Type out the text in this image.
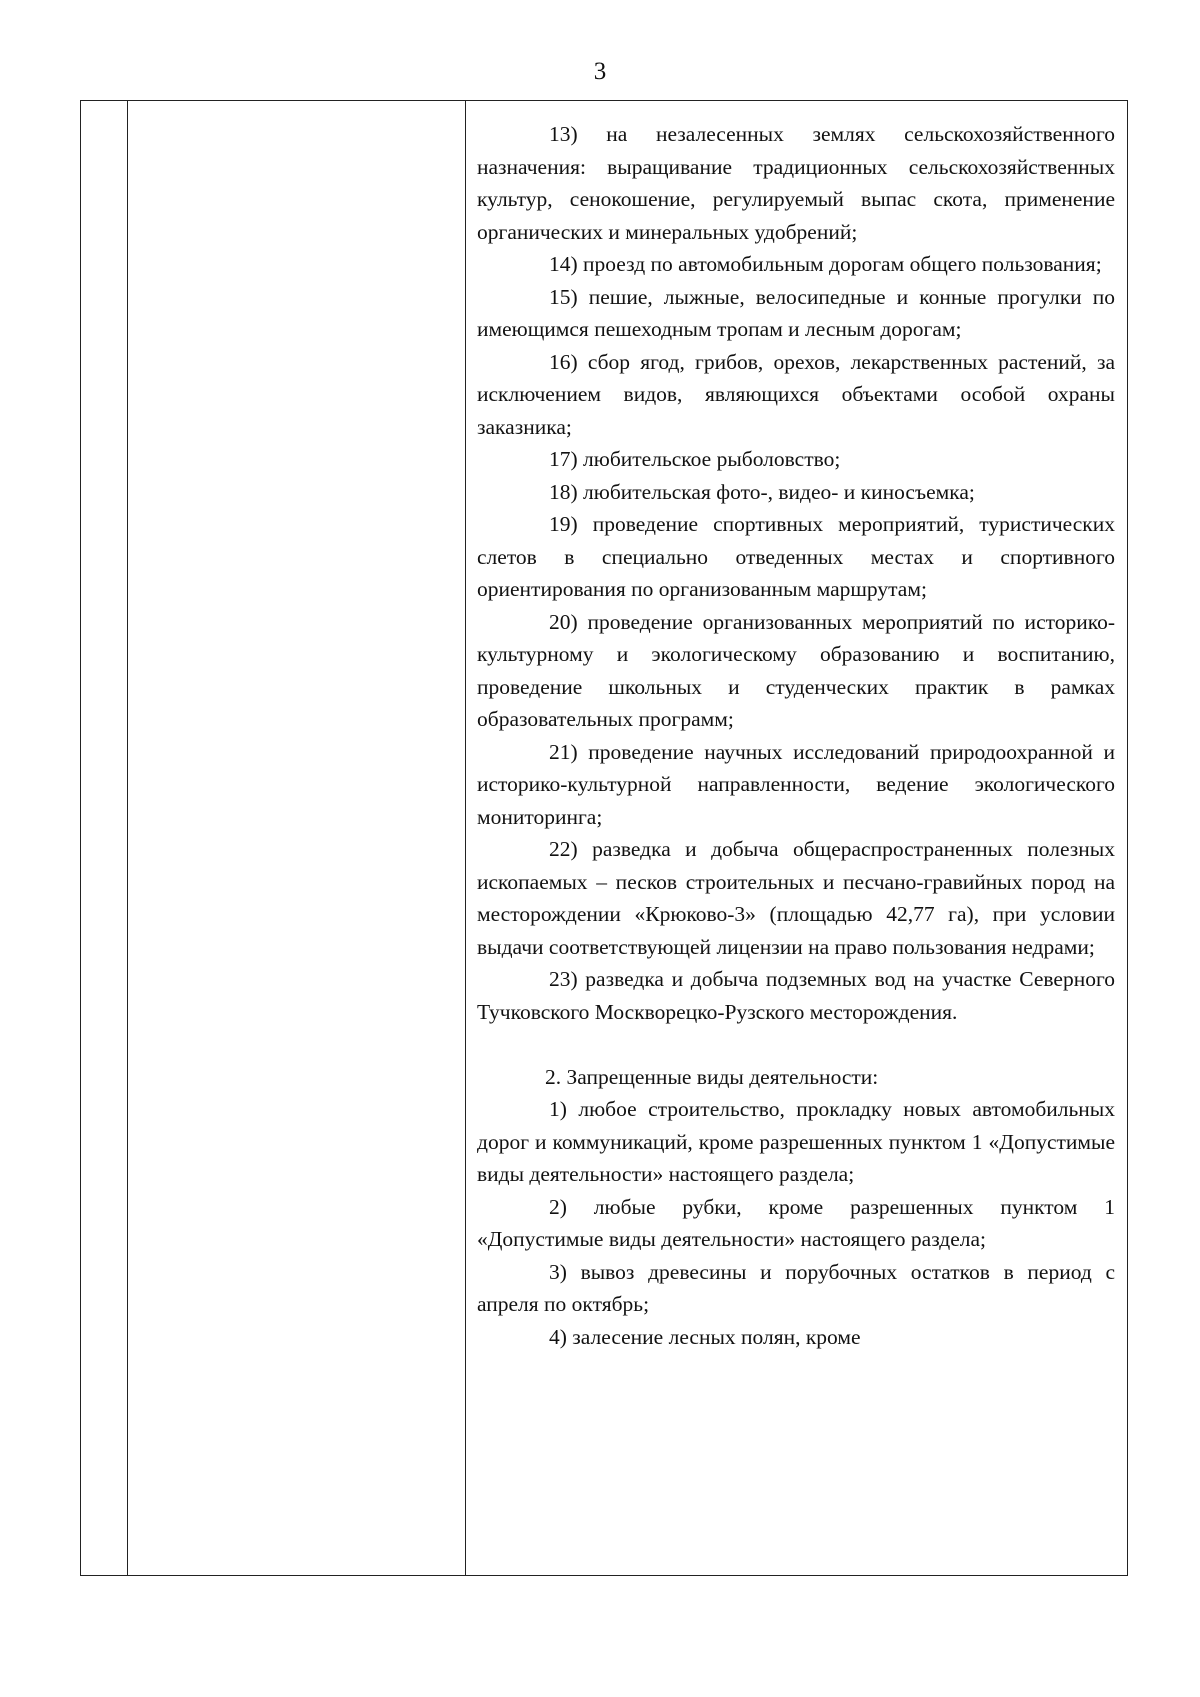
3

13) на незалесенных землях сельскохозяйственного назначения: выращивание традиционных сельскохозяйственных культур, сенокошение, регулируемый выпас скота, применение органических и минеральных удобрений;

14) проезд по автомобильным дорогам общего пользования;

15) пешие, лыжные, велосипедные и конные прогулки по имеющимся пешеходным тропам и лесным дорогам;

16) сбор ягод, грибов, орехов, лекарственных растений, за исключением видов, являющихся объектами особой охраны заказника;

17) любительское рыболовство;

18) любительская фото-, видео- и киносъемка;

19) проведение спортивных мероприятий, туристических слетов в специально отведенных местах и спортивного ориентирования по организованным маршрутам;

20) проведение организованных мероприятий по историко-культурному и экологическому образованию и воспитанию, проведение школьных и студенческих практик в рамках образовательных программ;

21) проведение научных исследований природоохранной и историко-культурной направленности, ведение экологического мониторинга;

22) разведка и добыча общераспространенных полезных ископаемых – песков строительных и песчано-гравийных пород на месторождении «Крюково-3» (площадью 42,77 га), при условии выдачи соответствующей лицензии на право пользования недрами;

23) разведка и добыча подземных вод на участке Северного Тучковского Москворецко-Рузского месторождения.

2. Запрещенные виды деятельности:

1) любое строительство, прокладку новых автомобильных дорог и коммуникаций, кроме разрешенных пунктом 1 «Допустимые виды деятельности» настоящего раздела;

2) любые рубки, кроме разрешенных пунктом 1 «Допустимые виды деятельности» настоящего раздела;

3) вывоз древесины и порубочных остатков в период с апреля по октябрь;

4) залесение лесных полян, кроме
